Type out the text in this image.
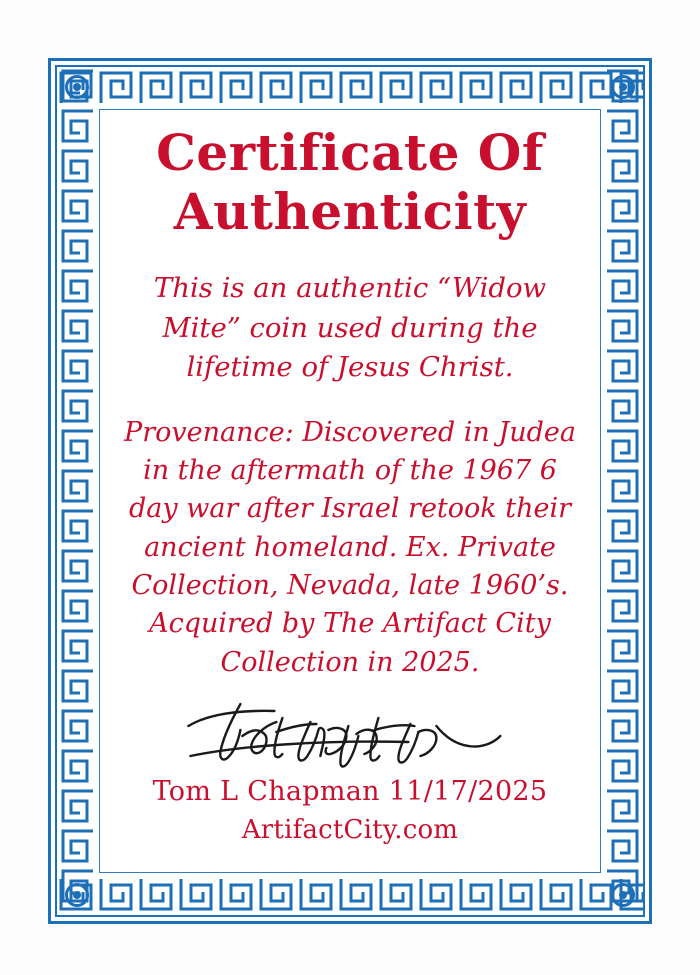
Certificate Of
Authenticity
This is an authentic “Widow Mite” coin used during the lifetime of Jesus Christ.
Provenance: Discovered in Judea in the aftermath of the 1967 6 day war after Israel retook their ancient homeland. Ex. Private Collection, Nevada, late 1960’s. Acquired by The Artifact City Collection in 2025.
Tom L Chapman 11/17/2025
ArtifactCity.com
